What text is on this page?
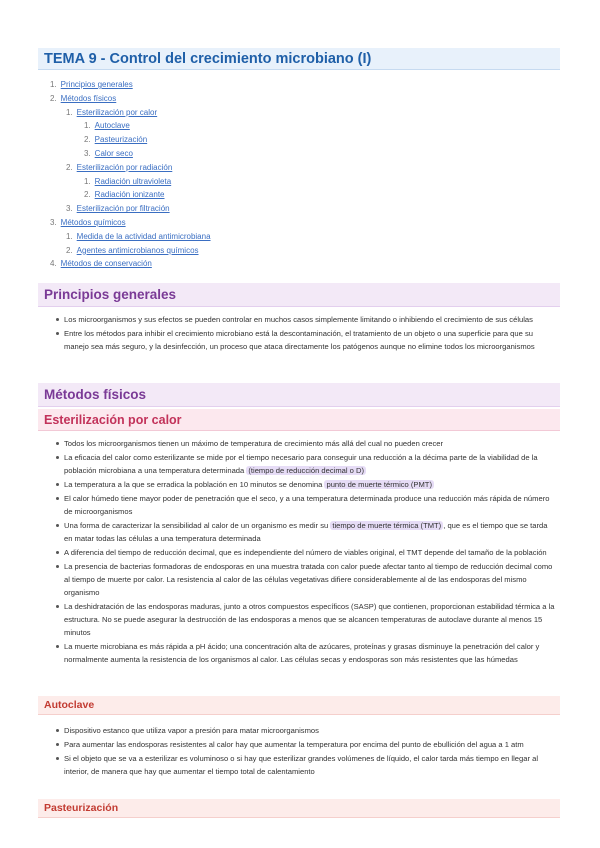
TEMA 9 - Control del crecimiento microbiano (I)
1. Principios generales
2. Métodos físicos
1. Esterilización por calor
1. Autoclave
2. Pasteurización
3. Calor seco
2. Esterilización por radiación
1. Radiación ultravioleta
2. Radiación ionizante
3. Esterilización por filtración
3. Métodos químicos
1. Medida de la actividad antimicrobiana
2. Agentes antimicrobianos químicos
4. Métodos de conservación
Principios generales
Los microorganismos y sus efectos se pueden controlar en muchos casos simplemente limitando o inhibiendo el crecimiento de sus células
Entre los métodos para inhibir el crecimiento microbiano está la descontaminación, el tratamiento de un objeto o una superficie para que su manejo sea más seguro, y la desinfección, un proceso que ataca directamente los patógenos aunque no elimine todos los microorganismos
Métodos físicos
Esterilización por calor
Todos los microorganismos tienen un máximo de temperatura de crecimiento más allá del cual no pueden crecer
La eficacia del calor como esterilizante se mide por el tiempo necesario para conseguir una reducción a la décima parte de la viabilidad de la población microbiana a una temperatura determinada (tiempo de reducción decimal o D)
La temperatura a la que se erradica la población en 10 minutos se denomina punto de muerte térmico (PMT)
El calor húmedo tiene mayor poder de penetración que el seco, y a una temperatura determinada produce una reducción más rápida de número de microorganismos
Una forma de caracterizar la sensibilidad al calor de un organismo es medir su tiempo de muerte térmica (TMT) , que es el tiempo que se tarda en matar todas las células a una temperatura determinada
A diferencia del tiempo de reducción decimal, que es independiente del número de viables original, el TMT depende del tamaño de la población
La presencia de bacterias formadoras de endosporas en una muestra tratada con calor puede afectar tanto al tiempo de reducción decimal como al tiempo de muerte por calor. La resistencia al calor de las células vegetativas difiere considerablemente al de las endosporas del mismo organismo
La deshidratación de las endosporas maduras, junto a otros compuestos específicos (SASP) que contienen, proporcionan estabilidad térmica a la estructura. No se puede asegurar la destrucción de las endosporas a menos que se alcancen temperaturas de autoclave durante al menos 15 minutos
La muerte microbiana es más rápida a pH ácido; una concentración alta de azúcares, proteínas y grasas disminuye la penetración del calor y normalmente aumenta la resistencia de los organismos al calor. Las células secas y endosporas son más resistentes que las húmedas
Autoclave
Dispositivo estanco que utiliza vapor a presión para matar microorganismos
Para aumentar las endosporas resistentes al calor hay que aumentar la temperatura por encima del punto de ebullición del agua a 1 atm
Si el objeto que se va a esterilizar es voluminoso o si hay que esterilizar grandes volúmenes de líquido, el calor tarda más tiempo en llegar al interior, de manera que hay que aumentar el tiempo total de calentamiento
Pasteurización
